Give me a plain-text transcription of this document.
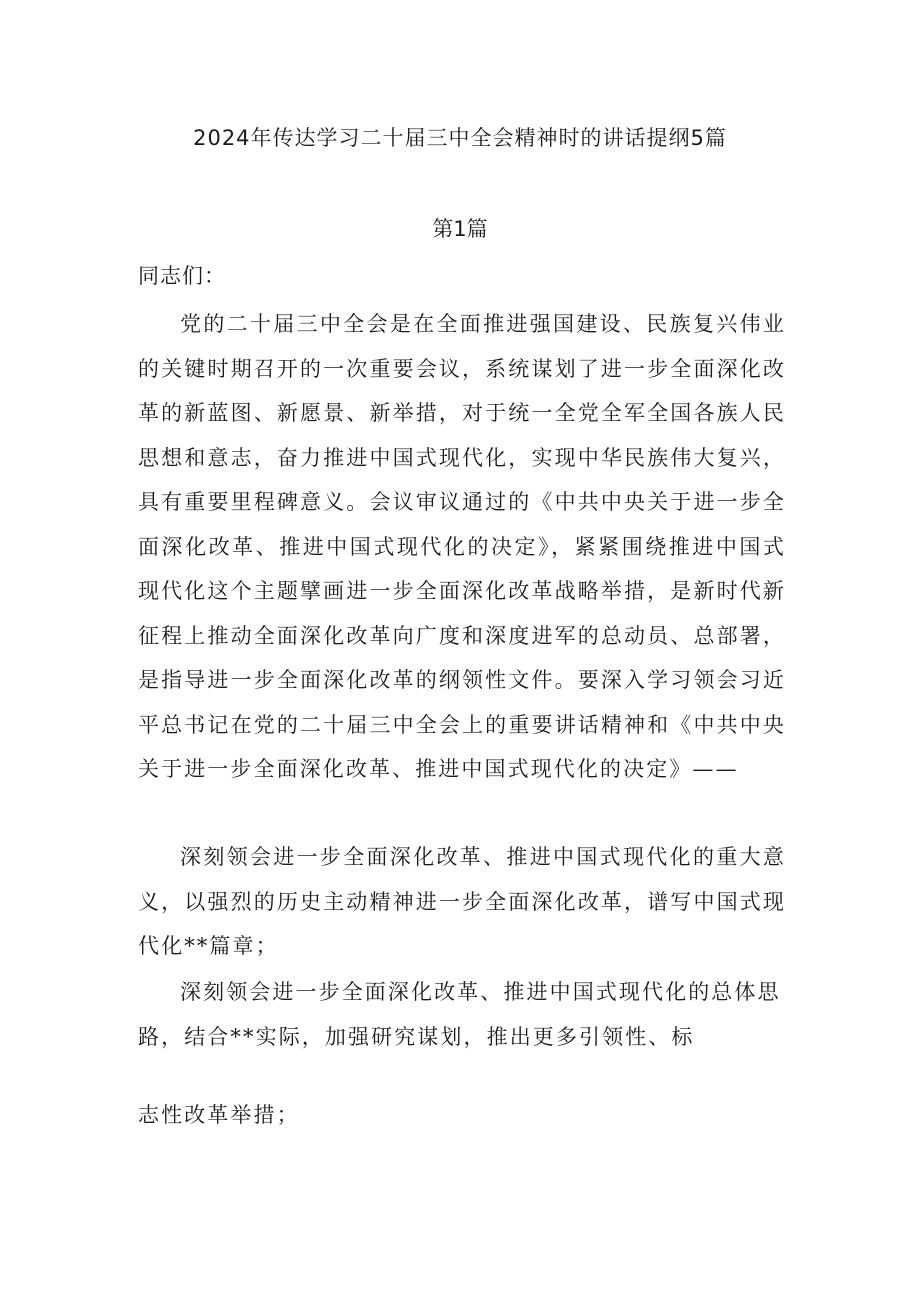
2024年传达学习二十届三中全会精神时的讲话提纲5篇
第1篇
同志们：

党的二十届三中全会是在全面推进强国建设、民族复兴伟业的关键时期召开的一次重要会议，系统谋划了进一步全面深化改革的新蓝图、新愿景、新举措，对于统一全党全军全国各族人民思想和意志，奋力推进中国式现代化，实现中华民族伟大复兴，具有重要里程碑意义。会议审议通过的《中共中央关于进一步全面深化改革、推进中国式现代化的决定》，紧紧围绕推进中国式现代化这个主题擘画进一步全面深化改革战略举措，是新时代新征程上推动全面深化改革向广度和深度进军的总动员、总部署，是指导进一步全面深化改革的纲领性文件。要深入学习领会习近平总书记在党的二十届三中全会上的重要讲话精神和《中共中央关于进一步全面深化改革、推进中国式现代化的决定》——

深刻领会进一步全面深化改革、推进中国式现代化的重大意义，以强烈的历史主动精神进一步全面深化改革，谱写中国式现代化**篇章；

深刻领会进一步全面深化改革、推进中国式现代化的总体思路，结合**实际，加强研究谋划，推出更多引领性、标

志性改革举措；
